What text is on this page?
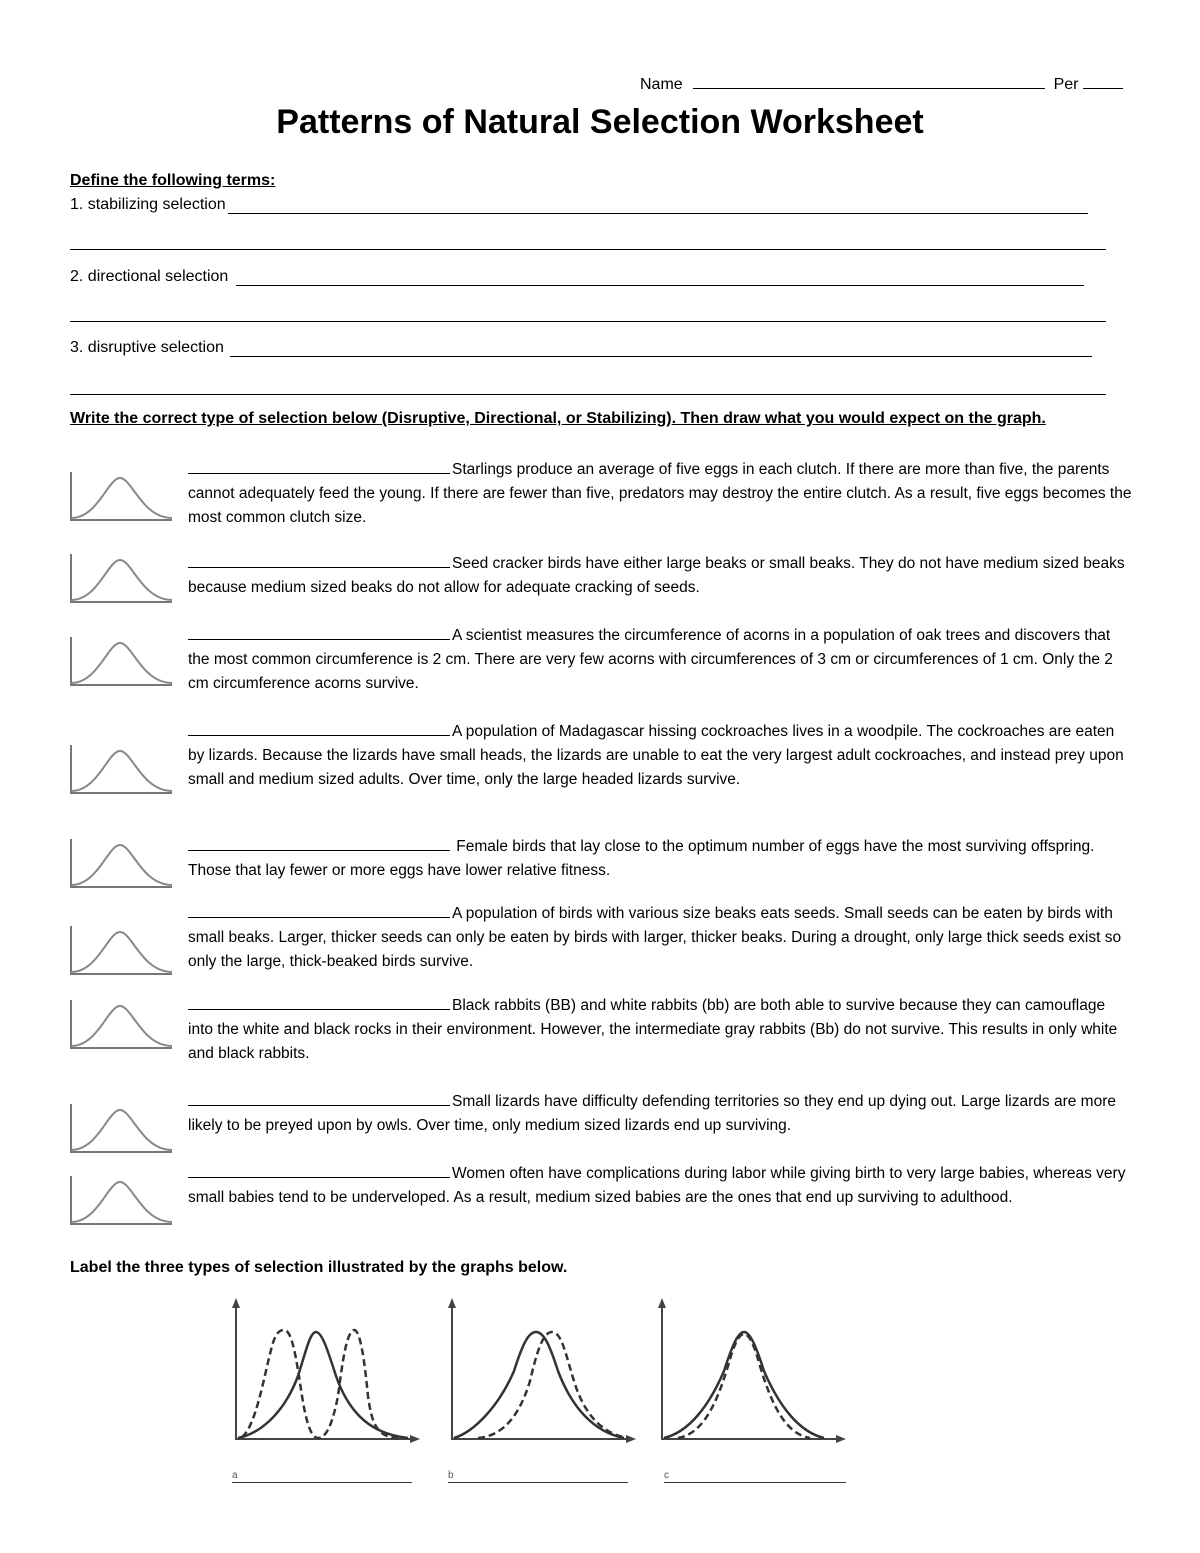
Name	Per
Patterns of Natural Selection Worksheet
Define the following terms:
1. stabilizing selection
2. directional selection
3. disruptive selection
Write the correct type of selection below (Disruptive, Directional, or Stabilizing). Then draw what you would expect on the graph.
Starlings produce an average of five eggs in each clutch. If there are more than five, the parents cannot adequately feed the young. If there are fewer than five, predators may destroy the entire clutch. As a result, five eggs becomes the most common clutch size.
Seed cracker birds have either large beaks or small beaks. They do not have medium sized beaks because medium sized beaks do not allow for adequate cracking of seeds.
A scientist measures the circumference of acorns in a population of oak trees and discovers that the most common circumference is 2 cm. There are very few acorns with circumferences of 3 cm or circumferences of 1 cm. Only the 2 cm circumference acorns survive.
A population of Madagascar hissing cockroaches lives in a woodpile. The cockroaches are eaten by lizards. Because the lizards have small heads, the lizards are unable to eat the very largest adult cockroaches, and instead prey upon small and medium sized adults. Over time, only the large headed lizards survive.
Female birds that lay close to the optimum number of eggs have the most surviving offspring. Those that lay fewer or more eggs have lower relative fitness.
A population of birds with various size beaks eats seeds. Small seeds can be eaten by birds with small beaks. Larger, thicker seeds can only be eaten by birds with larger, thicker beaks. During a drought, only large thick seeds exist so only the large, thick-beaked birds survive.
Black rabbits (BB) and white rabbits (bb) are both able to survive because they can camouflage into the white and black rocks in their environment. However, the intermediate gray rabbits (Bb) do not survive. This results in only white and black rabbits.
Small lizards have difficulty defending territories so they end up dying out. Large lizards are more likely to be preyed upon by owls. Over time, only medium sized lizards end up surviving.
Women often have complications during labor while giving birth to very large babies, whereas very small babies tend to be underveloped. As a result, medium sized babies are the ones that end up surviving to adulthood.
Label the three types of selection illustrated by the graphs below.
a	b	c
